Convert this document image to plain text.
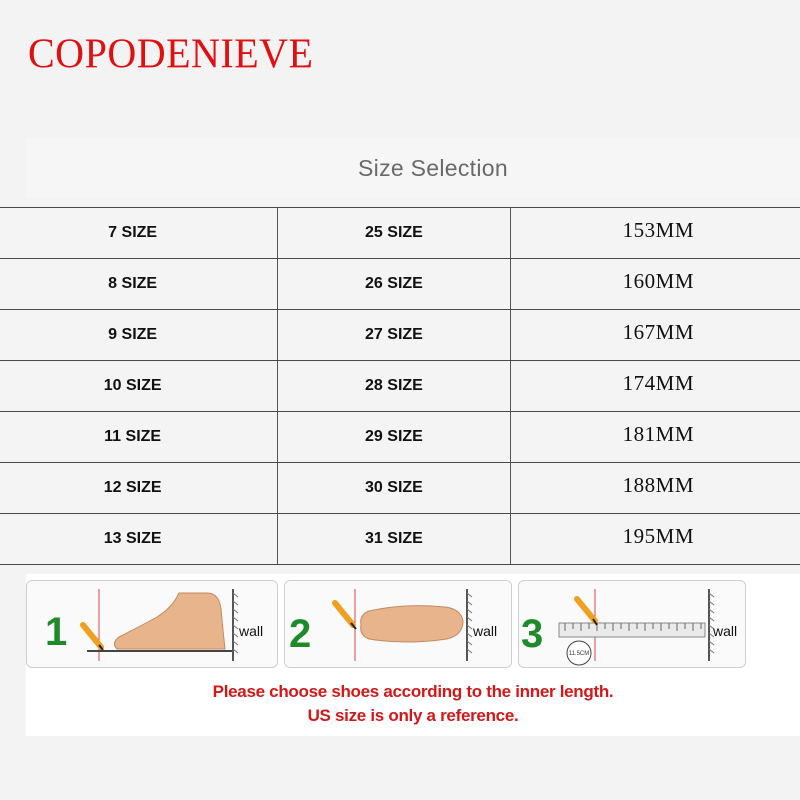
COPODENIEVE
Size Selection
7 SIZE	25 SIZE	153MM
8 SIZE	26 SIZE	160MM
9 SIZE	27 SIZE	167MM
10 SIZE	28 SIZE	174MM
11 SIZE	29 SIZE	181MM
12 SIZE	30 SIZE	188MM
13 SIZE	31 SIZE	195MM
1	wall 2	wall 3	11.5CM
wall
Please choose shoes according to the inner length.
US size is only a reference.
